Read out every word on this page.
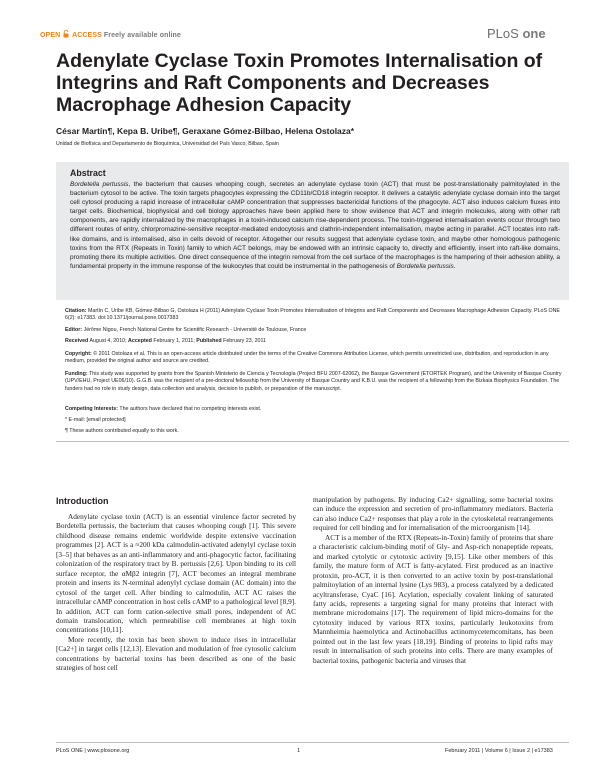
OPEN ACCESS Freely available online	PLoS one
Adenylate Cyclase Toxin Promotes Internalisation of Integrins and Raft Components and Decreases Macrophage Adhesion Capacity
César Martín¶, Kepa B. Uribe¶, Geraxane Gómez-Bilbao, Helena Ostolaza*
Unidad de Biofísica and Departamento de Bioquímica, Universidad del País Vasco, Bilbao, Spain
Abstract
Bordetella pertussis, the bacterium that causes whooping cough, secretes an adenylate cyclase toxin (ACT) that must be post-translationally palmitoylated in the bacterium cytosol to be active. The toxin targets phagocytes expressing the CD11b/CD18 integrin receptor. It delivers a catalytic adenylate cyclase domain into the target cell cytosol producing a rapid increase of intracellular cAMP concentration that suppresses bactericidal functions of the phagocyte. ACT also induces calcium fluxes into target cells. Biochemical, biophysical and cell biology approaches have been applied here to show evidence that ACT and integrin molecules, along with other raft components, are rapidly internalized by the macrophages in a toxin-induced calcium rise-dependent process. The toxin-triggered internalisation events occur through two different routes of entry, chlorpromazine-sensitive receptor-mediated endocytosis and clathrin-independent internalisation, maybe acting in parallel. ACT locates into raft-like domains, and is internalised, also in cells devoid of receptor. Altogether our results suggest that adenylate cyclase toxin, and maybe other homologous pathogenic toxins from the RTX (Repeats in Toxin) family to which ACT belongs, may be endowed with an intrinsic capacity to, directly and efficiently, insert into raft-like domains, promoting there its multiple activities. One direct consequence of the integrin removal from the cell surface of the macrophages is the hampering of their adhesion ability, a fundamental property in the immune response of the leukocytes that could be instrumental in the pathogenesis of Bordetella pertussis.
Citation: Martín C, Uribe KB, Gómez-Bilbao G, Ostolaza H (2011) Adenylate Cyclase Toxin Promotes Internalisation of Integrins and Raft Components and Decreases Macrophage Adhesion Capacity. PLoS ONE 6(2): e17383. doi:10.1371/journal.pone.0017383
Editor: Jérôme Nigou, French National Centre for Scientific Research - Université de Toulouse, France
Received August 4, 2010; Accepted February 1, 2011; Published February 23, 2011
Copyright: © 2011 Ostolaza et al. This is an open-access article distributed under the terms of the Creative Commons Attribution License, which permits unrestricted use, distribution, and reproduction in any medium, provided the original author and source are credited.
Funding: This study was supported by grants from the Spanish Ministerio de Ciencia y Tecnología (Project BFU 2007-62062), the Basque Government (ETORTEK Program), and the University of Basque Country (UPV/EHU, Project UE06/10). G.G.B. was the recipient of a pre-doctoral fellowship from the University of Basque Country and K.B.U. was the recipient of a fellowship from the Bizkaia Biophysics Foundation. The funders had no role in study design, data collection and analysis, decision to publish, or preparation of the manuscript.
Competing Interests: The authors have declared that no competing interests exist.
* E-mail: [email protected]
¶ These authors contributed equally to this work.
Introduction

Adenylate cyclase toxin (ACT) is an essential virulence factor secreted by Bordetella pertussis, the bacterium that causes whooping cough [1]. This severe childhood disease remains endemic worldwide despite extensive vaccination programmes [2]. ACT is a ≈200 kDa calmodulin-activated adenylyl cyclase toxin [3–5] that behaves as an anti-inflammatory and anti-phagocytic factor, facilitating colonization of the respiratory tract by B. pertussis [2,6]. Upon binding to its cell surface receptor, the αMβ2 integrin [7], ACT becomes an integral membrane protein and inserts its N-terminal adenylyl cyclase domain (AC domain) into the cytosol of the target cell. After binding to calmodulin, ACT AC raises the intracellular cAMP concentration in host cells cAMP to a pathological level [8,9]. In addition, ACT can form cation-selective small pores, independent of AC domain translocation, which permeabilise cell membranes at high toxin concentrations [10,11].

More recently, the toxin has been shown to induce rises in intracellular [Ca2+] in target cells [12,13]. Elevation and modulation of free cytosolic calcium concentrations by bacterial toxins has been described as one of the basic strategies of host cell

manipulation by pathogens. By inducing Ca2+ signalling, some bacterial toxins can induce the expression and secretion of pro-inflammatory mediators. Bacteria can also induce Ca2+ responses that play a role in the cytoskeletal rearrangements required for cell binding and for internalisation of the microorganism [14].

ACT is a member of the RTX (Repeats-in-Toxin) family of proteins that share a characteristic calcium-binding motif of Gly- and Asp-rich nonapeptide repeats, and marked cytolytic or cytotoxic activity [9,15]. Like other members of this family, the mature form of ACT is fatty-acylated. First produced as an inactive protoxin, pro-ACT, it is then converted to an active toxin by post-translational palmitoylation of an internal lysine (Lys 983), a process catalyzed by a dedicated acyltransferase, CyaC [16]. Acylation, especially covalent linking of saturated fatty acids, represents a targeting signal for many proteins that interact with membrane microdomains [17]. The requirement of lipid micro-domains for the cytotoxity induced by various RTX toxins, particularly leukotoxins from Mannheimia haemolytica and Actinobacillus actinomycetemcomitans, has been pointed out in the last few years [18,19]. Binding of proteins to lipid rafts may result in internalisation of such proteins into cells. There are many examples of bacterial toxins, pathogenic bacteria and viruses that

PLoS ONE | www.plosone.org	1	February 2011 | Volume 6 | Issue 2 | e17383
